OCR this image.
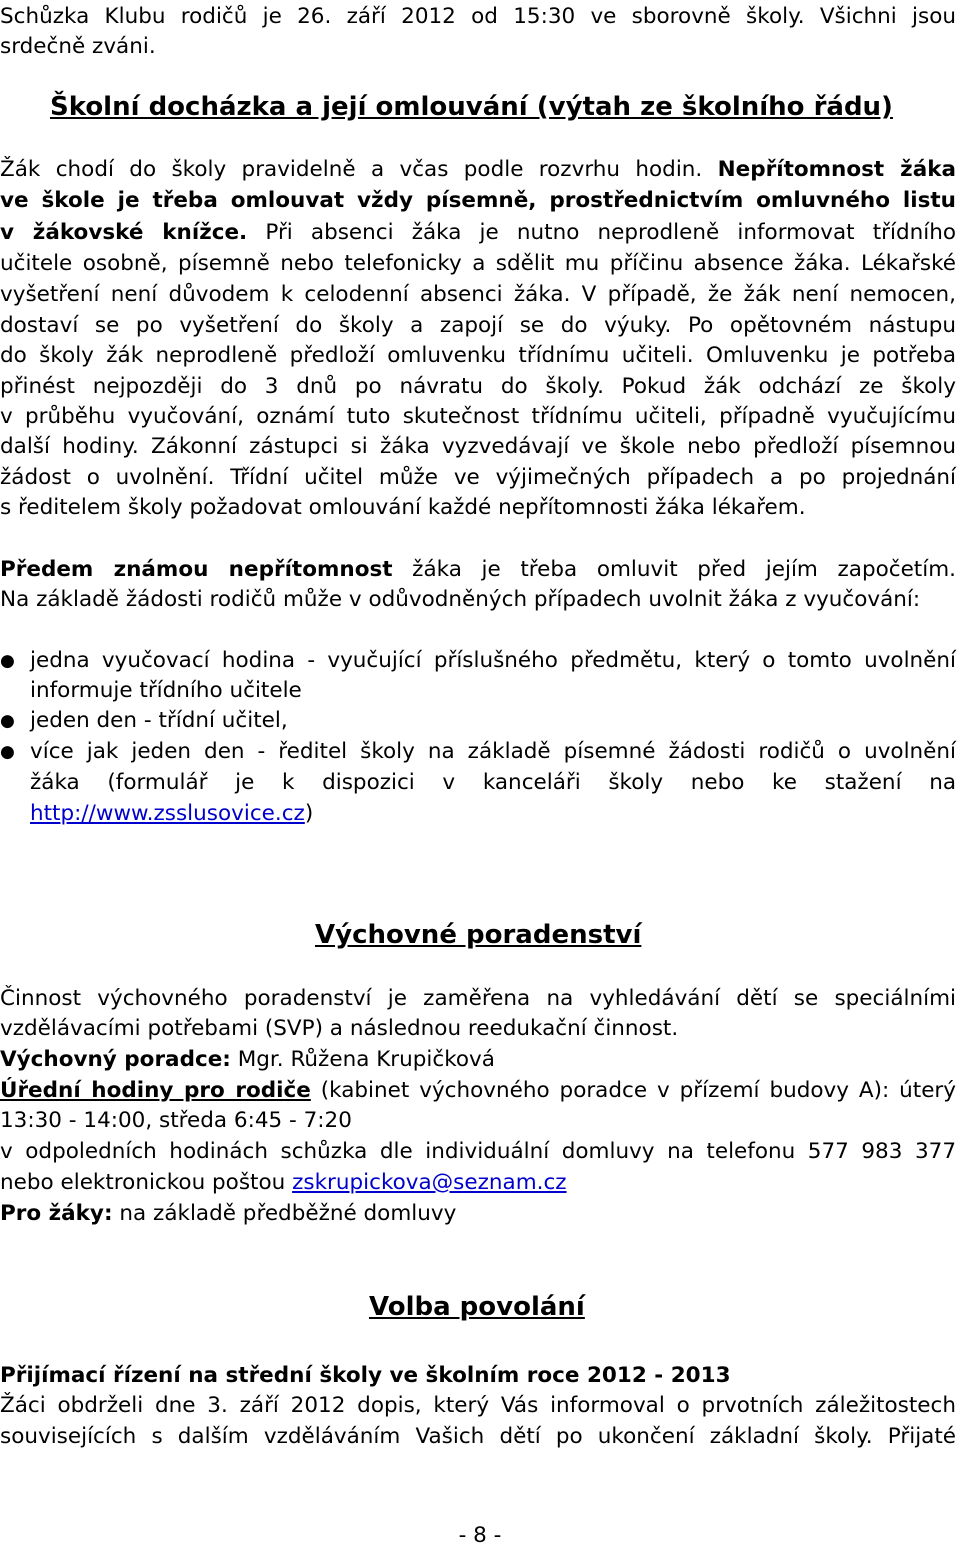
Schůzka Klubu rodičů je 26. září 2012 od 15:30 ve sborovně školy. Všichni jsou
srdečně zváni.
Školní docházka a její omlouvání (výtah ze školního řádu)
Žák chodí do školy pravidelně a včas podle rozvrhu hodin. Nepřítomnost žáka
ve škole je třeba omlouvat vždy písemně, prostřednictvím omluvného listu
v žákovské knížce. Při absenci žáka je nutno neprodleně informovat třídního
učitele osobně, písemně nebo telefonicky a sdělit mu příčinu absence žáka. Lékařské
vyšetření není důvodem k celodenní absenci žáka. V případě, že žák není nemocen,
dostaví se po vyšetření do školy a zapojí se do výuky. Po opětovném nástupu
do školy žák neprodleně předloží omluvenku třídnímu učiteli. Omluvenku je potřeba
přinést nejpozději do 3 dnů po návratu do školy. Pokud žák odchází ze školy
v průběhu vyučování, oznámí tuto skutečnost třídnímu učiteli, případně vyučujícímu
další hodiny. Zákonní zástupci si žáka vyzvedávají ve škole nebo předloží písemnou
žádost o uvolnění. Třídní učitel může ve výjimečných případech a po projednání
s ředitelem školy požadovat omlouvání každé nepřítomnosti žáka lékařem.
Předem známou nepřítomnost žáka je třeba omluvit před jejím započetím.
Na základě žádosti rodičů může v odůvodněných případech uvolnit žáka z vyučování:
● jedna vyučovací hodina - vyučující příslušného předmětu, který o tomto uvolnění
informuje třídního učitele
● jeden den - třídní učitel,
● více jak jeden den - ředitel školy na základě písemné žádosti rodičů o uvolnění
žáka (formulář je k dispozici v kanceláři školy nebo ke stažení na
http://www.zsslusovice.cz)
Výchovné poradenství
Činnost výchovného poradenství je zaměřena na vyhledávání dětí se speciálními
vzdělávacími potřebami (SVP) a následnou reedukační činnost.
Výchovný poradce: Mgr. Růžena Krupičková
Úřední hodiny pro rodiče (kabinet výchovného poradce v přízemí budovy A): úterý
13:30 - 14:00, středa 6:45 - 7:20
v odpoledních hodinách schůzka dle individuální domluvy na telefonu 577 983 377
nebo elektronickou poštou zskrupickova@seznam.cz
Pro žáky: na základě předběžné domluvy
Volba povolání
Přijímací řízení na střední školy ve školním roce 2012 - 2013
Žáci obdrželi dne 3. září 2012 dopis, který Vás informoval o prvotních záležitostech
souvisejících s dalším vzděláváním Vašich dětí po ukončení základní školy. Přijaté
- 8 -
